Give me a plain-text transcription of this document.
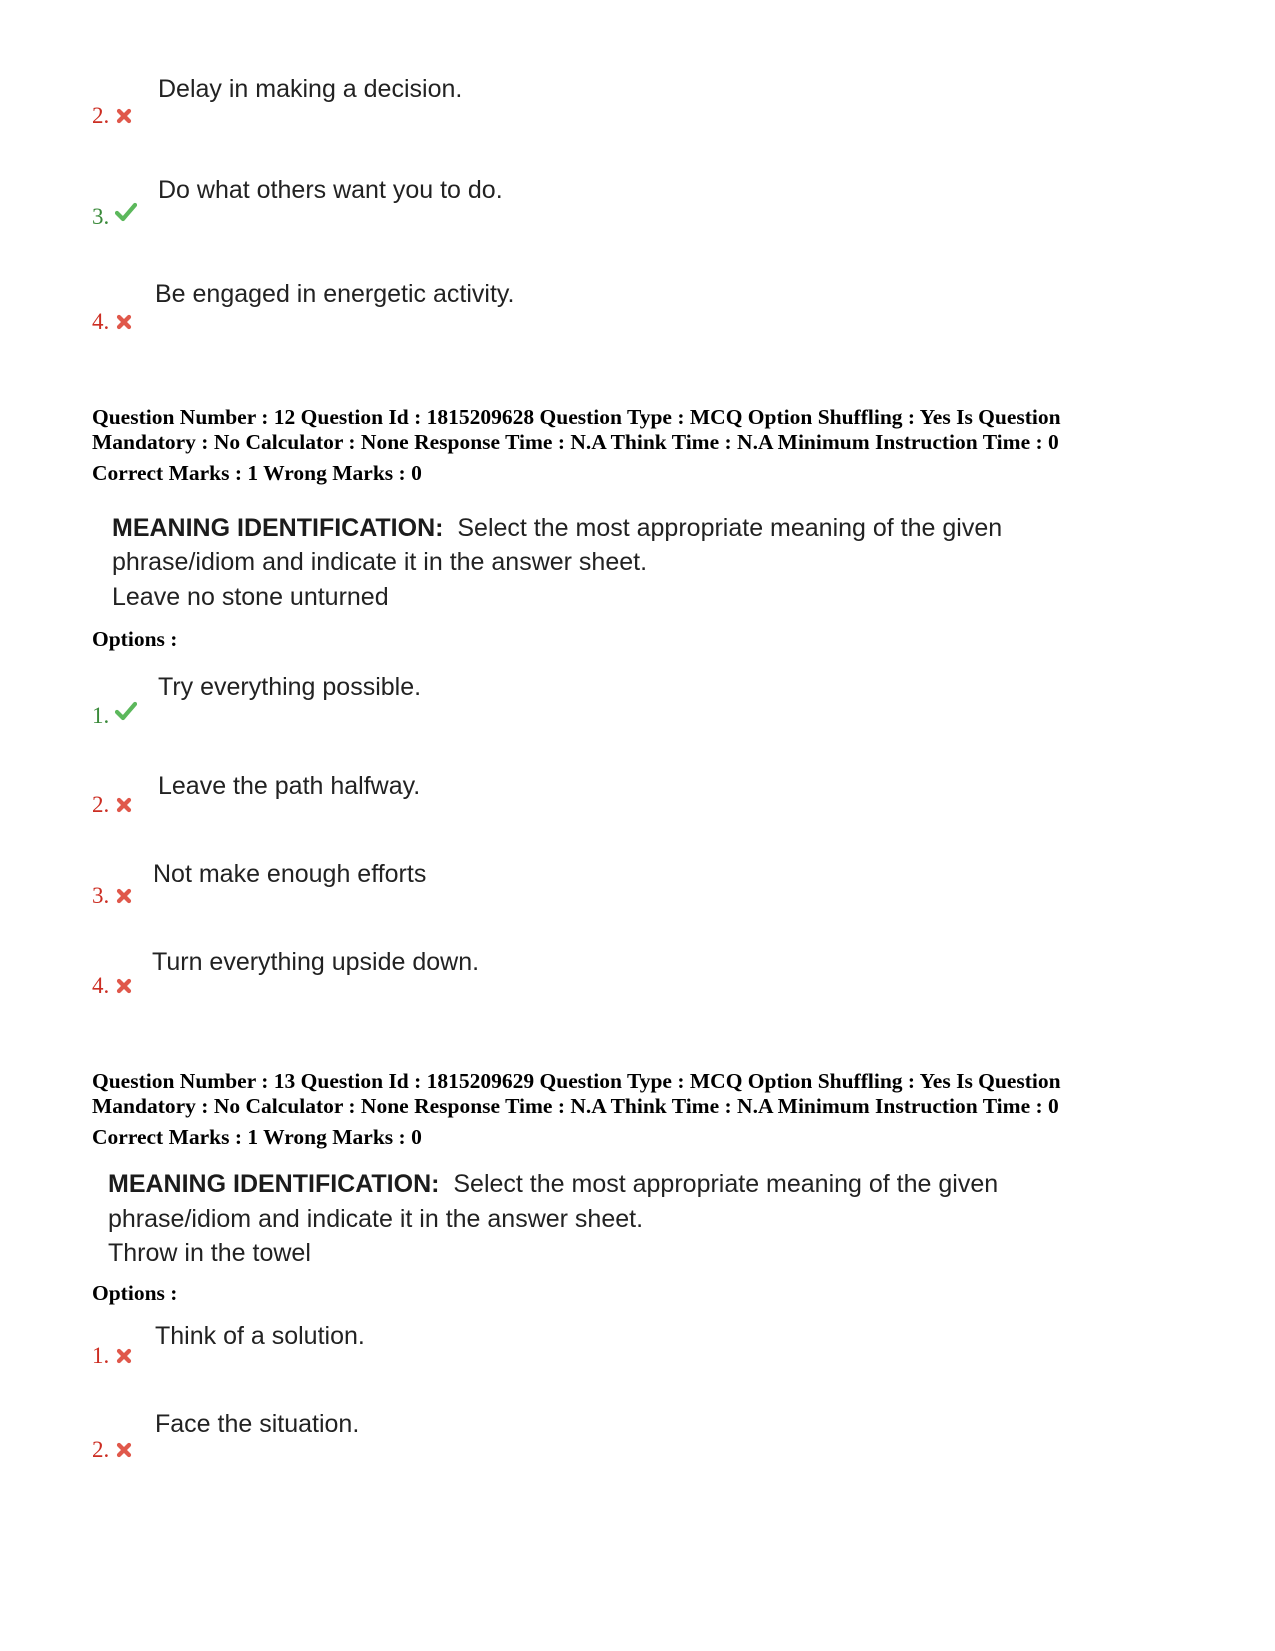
Delay in making a decision.
2.
Do what others want you to do.
3.
Be engaged in energetic activity.
4.
Question Number : 12 Question Id : 1815209628 Question Type : MCQ Option Shuffling : Yes Is Question
Mandatory : No Calculator : None Response Time : N.A Think Time : N.A Minimum Instruction Time : 0
Correct Marks : 1 Wrong Marks : 0
MEANING IDENTIFICATION: Select the most appropriate meaning of the given
phrase/idiom and indicate it in the answer sheet.
Leave no stone unturned
Options :
Try everything possible.
1.
Leave the path halfway.
2.
Not make enough efforts
3.
Turn everything upside down.
4.
Question Number : 13 Question Id : 1815209629 Question Type : MCQ Option Shuffling : Yes Is Question
Mandatory : No Calculator : None Response Time : N.A Think Time : N.A Minimum Instruction Time : 0
Correct Marks : 1 Wrong Marks : 0
MEANING IDENTIFICATION: Select the most appropriate meaning of the given
phrase/idiom and indicate it in the answer sheet.
Throw in the towel
Options :
Think of a solution.
1.
Face the situation.
2.
